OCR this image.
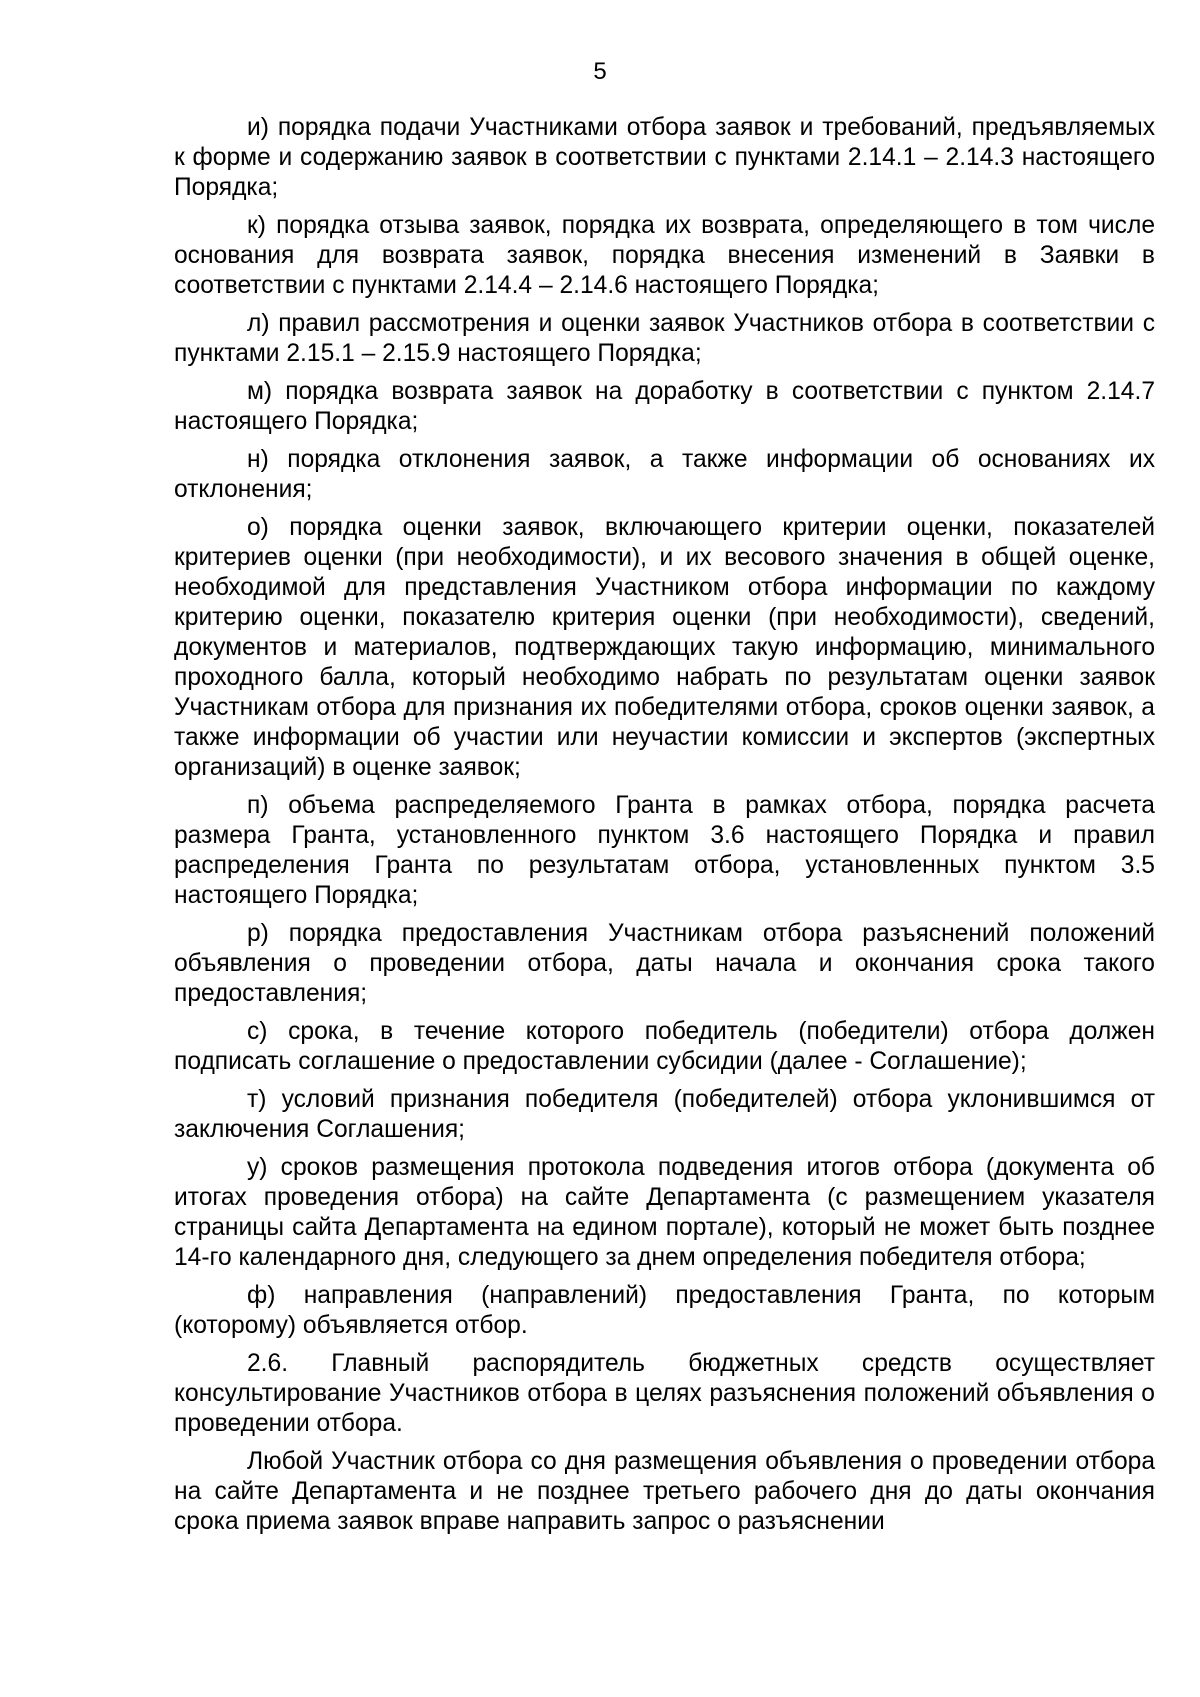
5

и) порядка подачи Участниками отбора заявок и требований, предъявляемых к форме и содержанию заявок в соответствии с пунктами 2.14.1 – 2.14.3 настоящего Порядка;

к) порядка отзыва заявок, порядка их возврата, определяющего в том числе основания для возврата заявок, порядка внесения изменений в Заявки в соответствии с пунктами 2.14.4 – 2.14.6 настоящего Порядка;

л) правил рассмотрения и оценки заявок Участников отбора в соответствии с пунктами 2.15.1 – 2.15.9 настоящего Порядка;

м) порядка возврата заявок на доработку в соответствии с пунктом 2.14.7 настоящего Порядка;

н) порядка отклонения заявок, а также информации об основаниях их отклонения;

о) порядка оценки заявок, включающего критерии оценки, показателей критериев оценки (при необходимости), и их весового значения в общей оценке, необходимой для представления Участником отбора информации по каждому критерию оценки, показателю критерия оценки (при необходимости), сведений, документов и материалов, подтверждающих такую информацию, минимального проходного балла, который необходимо набрать по результатам оценки заявок Участникам отбора для признания их победителями отбора, сроков оценки заявок, а также информации об участии или неучастии комиссии и экспертов (экспертных организаций) в оценке заявок;

п) объема распределяемого Гранта в рамках отбора, порядка расчета размера Гранта, установленного пунктом 3.6 настоящего Порядка и правил распределения Гранта по результатам отбора, установленных пунктом 3.5 настоящего Порядка;

р) порядка предоставления Участникам отбора разъяснений положений объявления о проведении отбора, даты начала и окончания срока такого предоставления;

с) срока, в течение которого победитель (победители) отбора должен подписать соглашение о предоставлении субсидии (далее - Соглашение);

т) условий признания победителя (победителей) отбора уклонившимся от заключения Соглашения;

у) сроков размещения протокола подведения итогов отбора (документа об итогах проведения отбора) на сайте Департамента (с размещением указателя страницы сайта Департамента на едином портале), который не может быть позднее 14-го календарного дня, следующего за днем определения победителя отбора;

ф) направления (направлений) предоставления Гранта, по которым (которому) объявляется отбор.

2.6. Главный распорядитель бюджетных средств осуществляет консультирование Участников отбора в целях разъяснения положений объявления о проведении отбора.

Любой Участник отбора со дня размещения объявления о проведении отбора на сайте Департамента и не позднее третьего рабочего дня до даты окончания срока приема заявок вправе направить запрос о разъяснении
